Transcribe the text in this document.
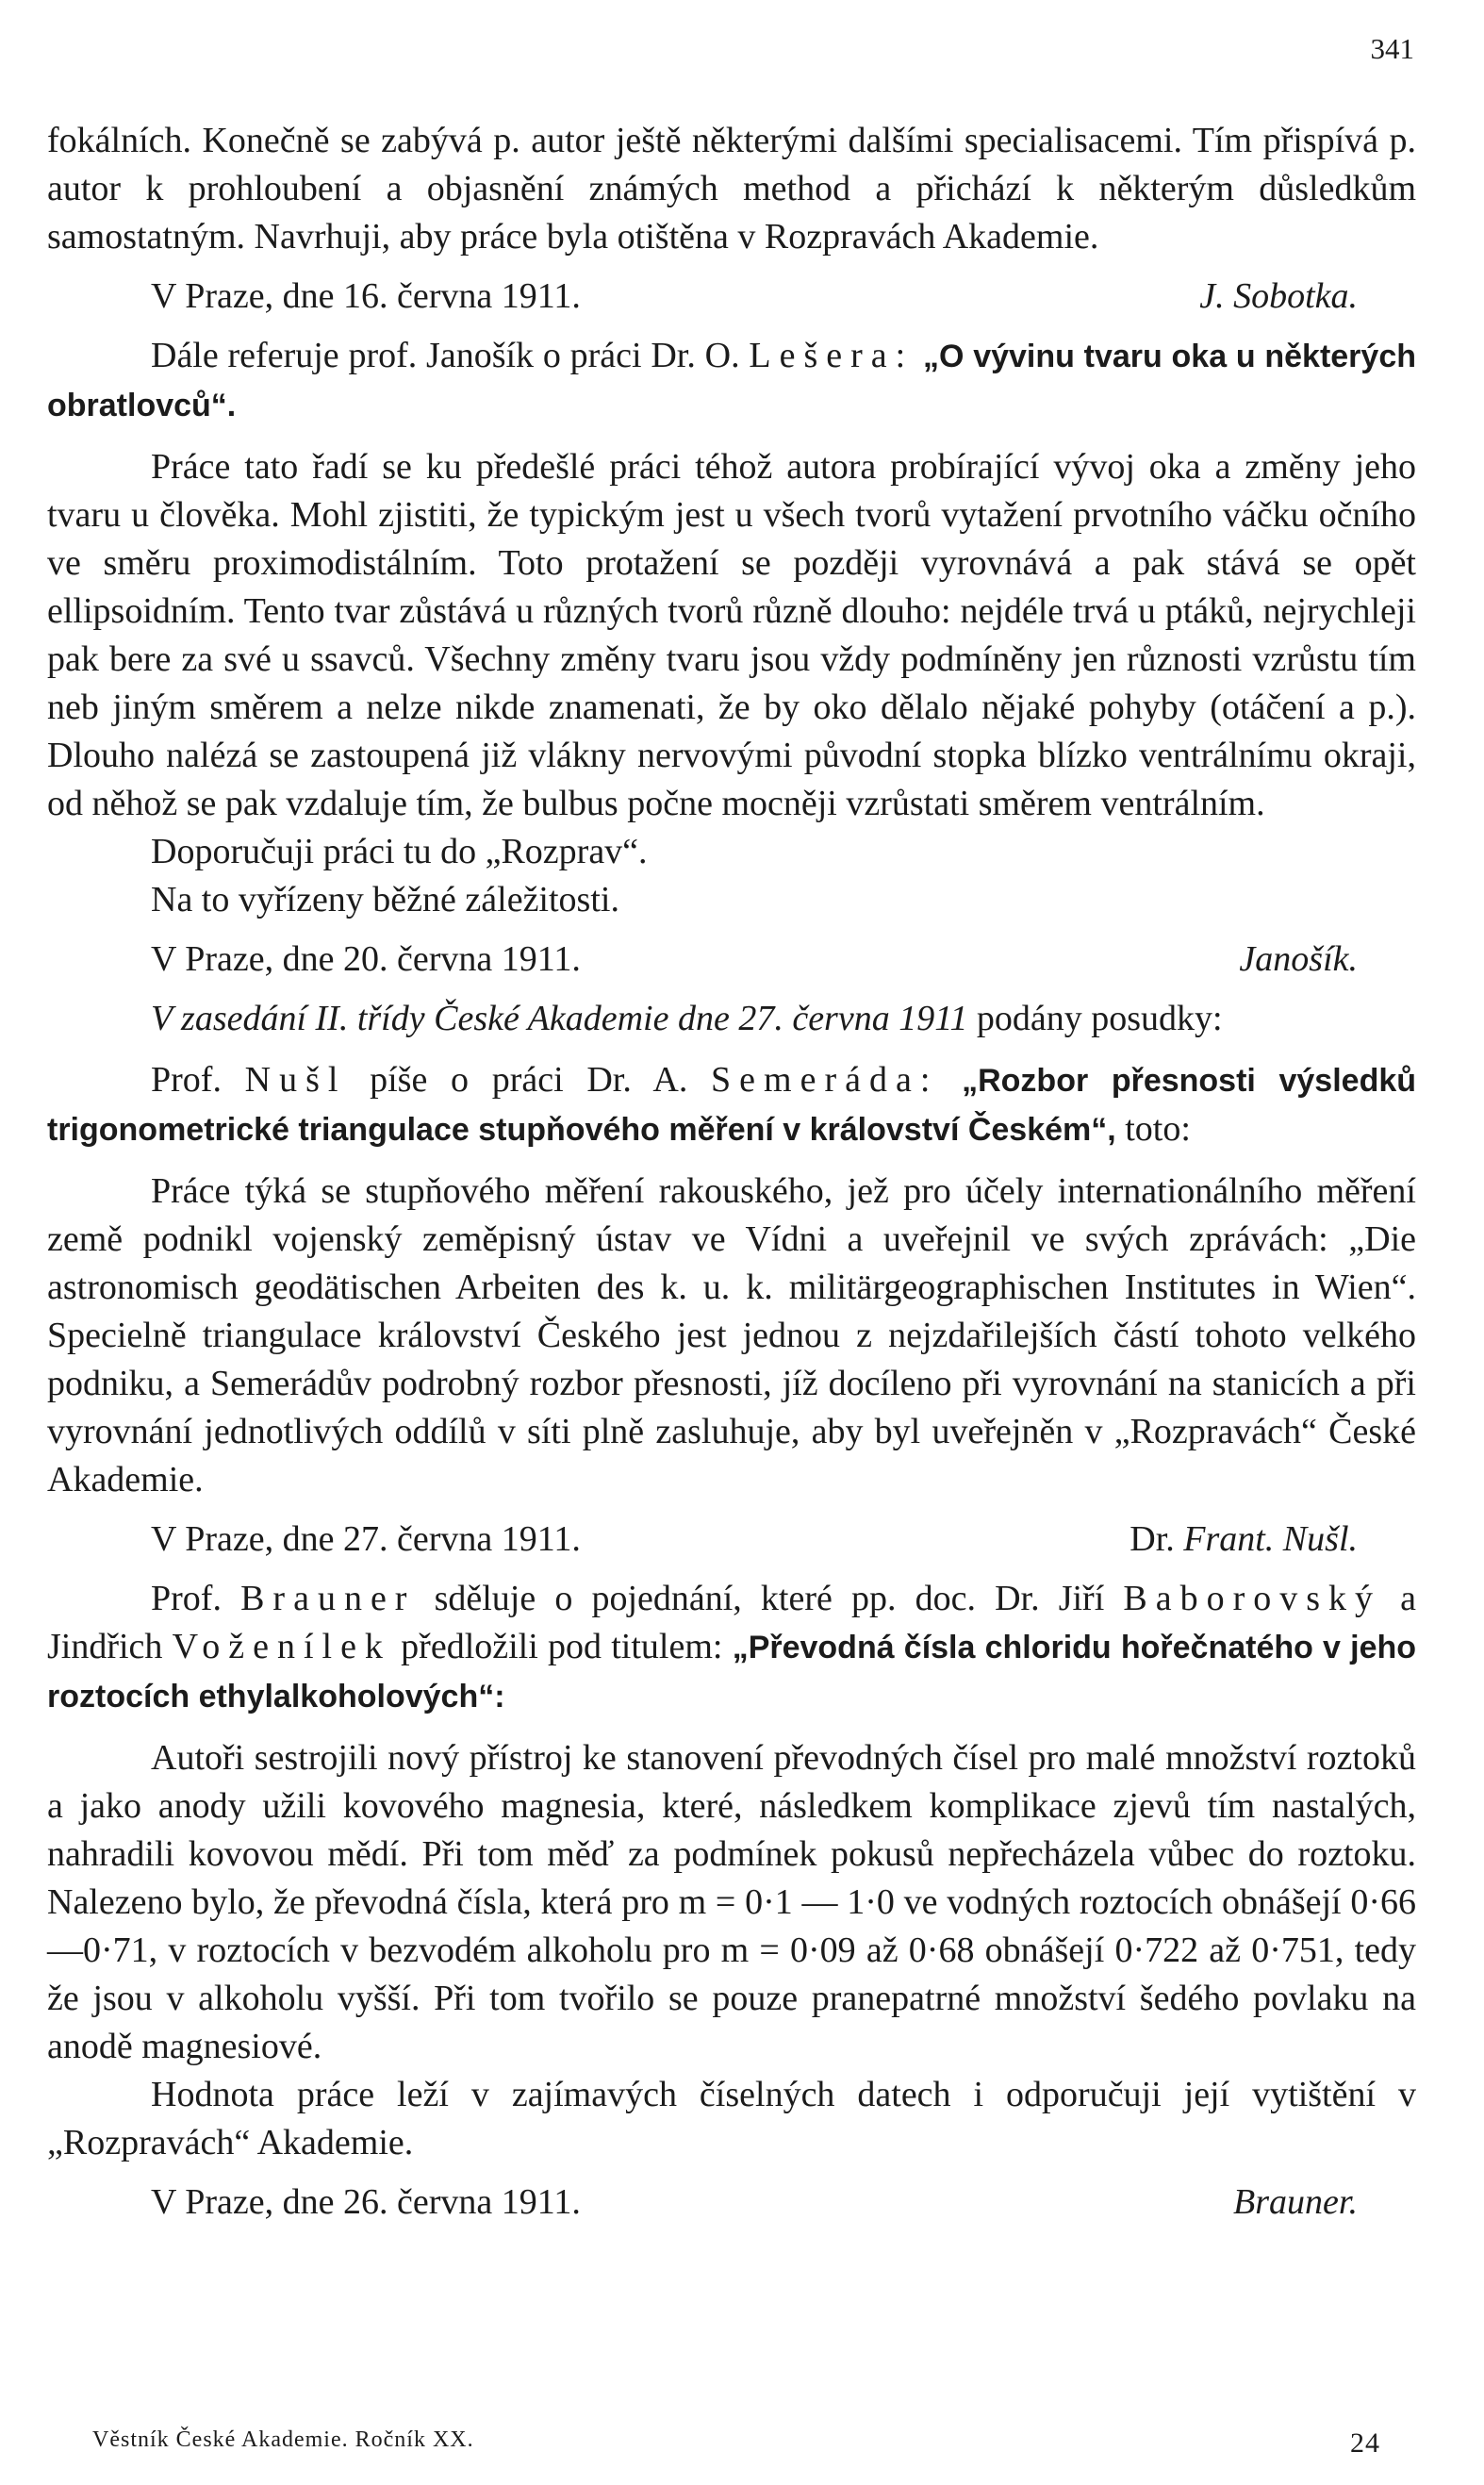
341

fokálních. Konečně se zabývá p. autor ještě některými dalšími specialisacemi. Tím přispívá p. autor k prohloubení a objasnění známých method a přichází k některým důsledkům samostatným. Navrhuji, aby práce byla otištěna v Rozpravách Akademie.

V Praze, dne 16. června 1911.	J. Sobotka.

Dále referuje prof. Janošík o práci Dr. O. Lešera: „O vývinu tvaru oka u některých obratlovců“.

Práce tato řadí se ku předešlé práci téhož autora probírající vývoj oka a změny jeho tvaru u člověka. Mohl zjistiti, že typickým jest u všech tvorů vytažení prvotního váčku očního ve směru proximodistálním. Toto protažení se později vyrovnává a pak stává se opět ellipsoidním. Tento tvar zůstává u různých tvorů různě dlouho: nejdéle trvá u ptáků, nejrychleji pak bere za své u ssavců. Všechny změny tvaru jsou vždy podmíněny jen různosti vzrůstu tím neb jiným směrem a nelze nikde znamenati, že by oko dělalo nějaké pohyby (otáčení a p.). Dlouho nalézá se zastoupená již vlákny nervovými původní stopka blízko ventrálnímu okraji, od něhož se pak vzdaluje tím, že bulbus počne mocněji vzrůstati směrem ventrálním.

Doporučuji práci tu do „Rozprav“.

Na to vyřízeny běžné záležitosti.

V Praze, dne 20. června 1911.	Janošík.

V zasedání II. třídy České Akademie dne 27. června 1911 podány posudky:

Prof. Nušl píše o práci Dr. A. Semeráda: „Rozbor přesnosti výsledků trigonometrické triangulace stupňového měření v království Českém“, toto:

Práce týká se stupňového měření rakouského, jež pro účely internationálního měření země podnikl vojenský zeměpisný ústav ve Vídni a uveřejnil ve svých zprávách: „Die astronomisch geodätischen Arbeiten des k. u. k. militärgeographischen Institutes in Wien“. Specielně triangulace království Českého jest jednou z nejzdařilejších částí tohoto velkého podniku, a Semerádův podrobný rozbor přesnosti, jíž docíleno při vyrovnání na stanicích a při vyrovnání jednotlivých oddílů v síti plně zasluhuje, aby byl uveřejněn v „Rozpravách“ České Akademie.

V Praze, dne 27. června 1911.	Dr. Frant. Nušl.

Prof. Brauner sděluje o pojednání, které pp. doc. Dr. Jiří Baborovský a Jindřich Voženílek předložili pod titulem: „Převodná čísla chloridu hořečnatého v jeho roztocích ethylalkoholových“:

Autoři sestrojili nový přístroj ke stanovení převodných čísel pro malé množství roztoků a jako anody užili kovového magnesia, které, následkem komplikace zjevů tím nastalých, nahradili kovovou mědí. Při tom měď za podmínek pokusů nepřecházela vůbec do roztoku. Nalezeno bylo, že převodná čísla, která pro m = 0·1 — 1·0 ve vodných roztocích obnášejí 0·66—0·71, v roztocích v bezvodém alkoholu pro m = 0·09 až 0·68 obnášejí 0·722 až 0·751, tedy že jsou v alkoholu vyšší. Při tom tvořilo se pouze pranepatrné množství šedého povlaku na anodě magnesiové.

Hodnota práce leží v zajímavých číselných datech i odporučuji její vytištění v „Rozpravách“ Akademie.

V Praze, dne 26. června 1911.	Brauner.
Věstník České Akademie. Ročník XX.	24
